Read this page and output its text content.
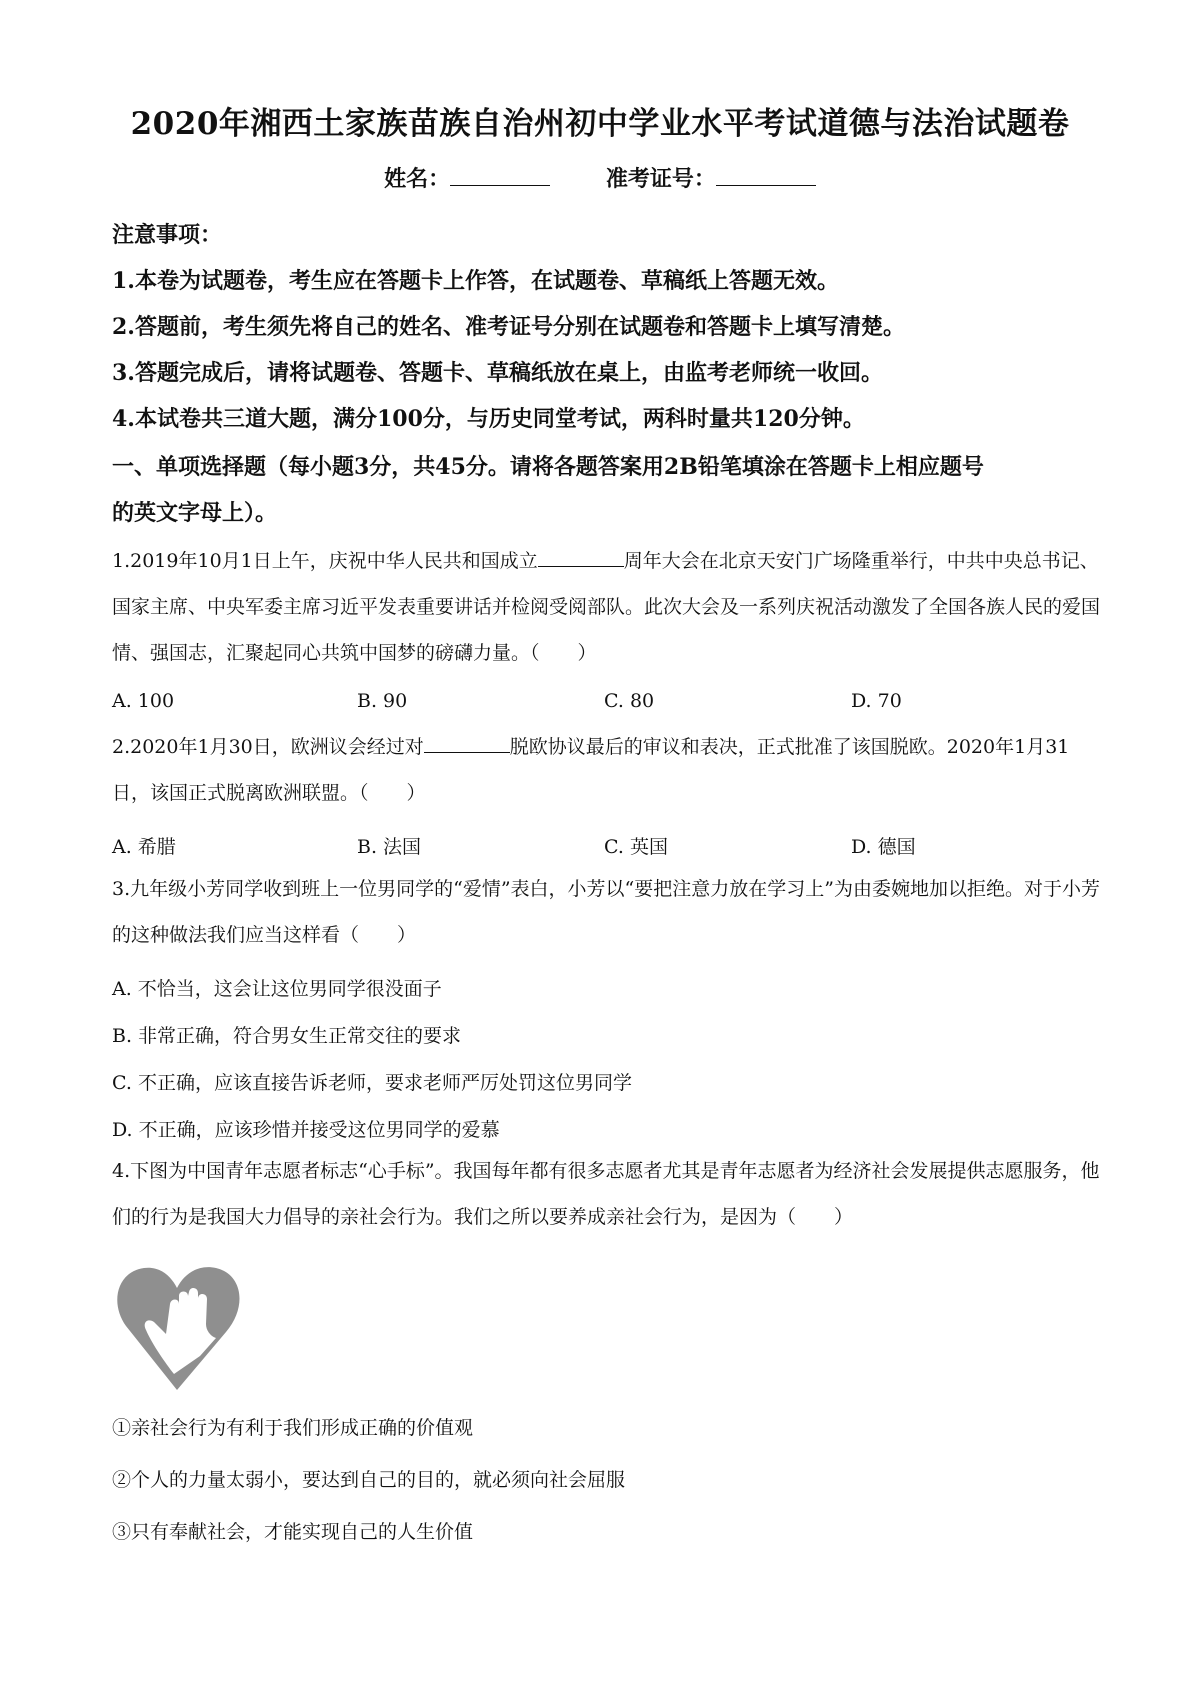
2020年湘西土家族苗族自治州初中学业水平考试道德与法治试题卷
姓名：	准考证号：
注意事项：
1.本卷为试题卷，考生应在答题卡上作答，在试题卷、草稿纸上答题无效。
2.答题前，考生须先将自己的姓名、准考证号分别在试题卷和答题卡上填写清楚。
3.答题完成后，请将试题卷、答题卡、草稿纸放在桌上，由监考老师统一收回。
4.本试卷共三道大题，满分100分，与历史同堂考试，两科时量共120分钟。
一、单项选择题（每小题3分，共45分。请将各题答案用2B铅笔填涂在答题卡上相应题号
的英文字母上）。
1.2019年10月1日上午，庆祝中华人民共和国成立	周年大会在北京天安门广场隆重举行，中共中央总书记、国家主席、中央军委主席习近平发表重要讲话并检阅受阅部队。此次大会及一系列庆祝活动激发了全国各族人民的爱国情、强国志，汇聚起同心共筑中国梦的磅礴力量。（　　）
A. 100	B. 90	C. 80	D. 70
2.2020年1月30日，欧洲议会经过对	脱欧协议最后的审议和表决，正式批准了该国脱欧。2020年1月31日，该国正式脱离欧洲联盟。（　　）
A. 希腊	B. 法国	C. 英国	D. 德国
3.九年级小芳同学收到班上一位男同学的“爱情”表白，小芳以“要把注意力放在学习上”为由委婉地加以拒绝。对于小芳的这种做法我们应当这样看（　　）
A. 不恰当，这会让这位男同学很没面子
B. 非常正确，符合男女生正常交往的要求
C. 不正确，应该直接告诉老师，要求老师严厉处罚这位男同学
D. 不正确，应该珍惜并接受这位男同学的爱慕
4.下图为中国青年志愿者标志“心手标”。我国每年都有很多志愿者尤其是青年志愿者为经济社会发展提供志愿服务，他们的行为是我国大力倡导的亲社会行为。我们之所以要养成亲社会行为，是因为（　　）
①亲社会行为有利于我们形成正确的价值观
②个人的力量太弱小，要达到自己的目的，就必须向社会屈服
③只有奉献社会，才能实现自己的人生价值
